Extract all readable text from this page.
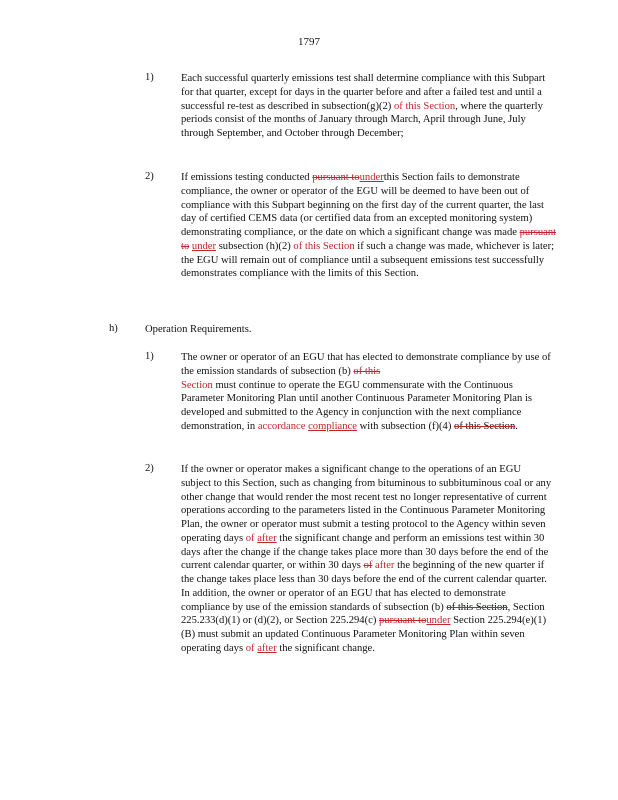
1797
1)	Each successful quarterly emissions test shall determine compliance with this Subpart for that quarter, except for days in the quarter before and after a failed test and until a successful re-test as described in subsection(g)(2) of this Section, where the quarterly periods consist of the months of January through March, April through June, July through September, and October through December;
2)	If emissions testing conducted pursuant tounderthis Section fails to demonstrate compliance, the owner or operator of the EGU will be deemed to have been out of compliance with this Subpart beginning on the first day of the current quarter, the last day of certified CEMS data (or certified data from an excepted monitoring system) demonstrating compliance, or the date on which a significant change was made pursuant to under subsection (h)(2) of this Section if such a change was made, whichever is later; the EGU will remain out of compliance until a subsequent emissions test successfully demonstrates compliance with the limits of this Section.
h)	Operation Requirements.
1)	The owner or operator of an EGU that has elected to demonstrate compliance by use of the emission standards of subsection (b) of this
Section must continue to operate the EGU commensurate with the Continuous Parameter Monitoring Plan until another Continuous Parameter Monitoring Plan is developed and submitted to the Agency in conjunction with the next compliance demonstration, in accordance compliance with subsection (f)(4) of this Section.
2)	If the owner or operator makes a significant change to the operations of an EGU subject to this Section, such as changing from bituminous to subbituminous coal or any other change that would render the most recent test no longer representative of current operations according to the parameters listed in the Continuous Parameter Monitoring Plan, the owner or operator must submit a testing protocol to the Agency within seven operating days of after the significant change and perform an emissions test within 30 days after the change if the change takes place more than 30 days before the end of the current calendar quarter, or within 30 days of after the beginning of the new quarter if the change takes place less than 30 days before the end of the current calendar quarter. In addition, the owner or operator of an EGU that has elected to demonstrate compliance by use of the emission standards of subsection (b) of this Section, Section 225.233(d)(1) or (d)(2), or Section 225.294(c) pursuant tounder Section 225.294(e)(1)(B) must submit an updated Continuous Parameter Monitoring Plan within seven operating days of after the significant change.
